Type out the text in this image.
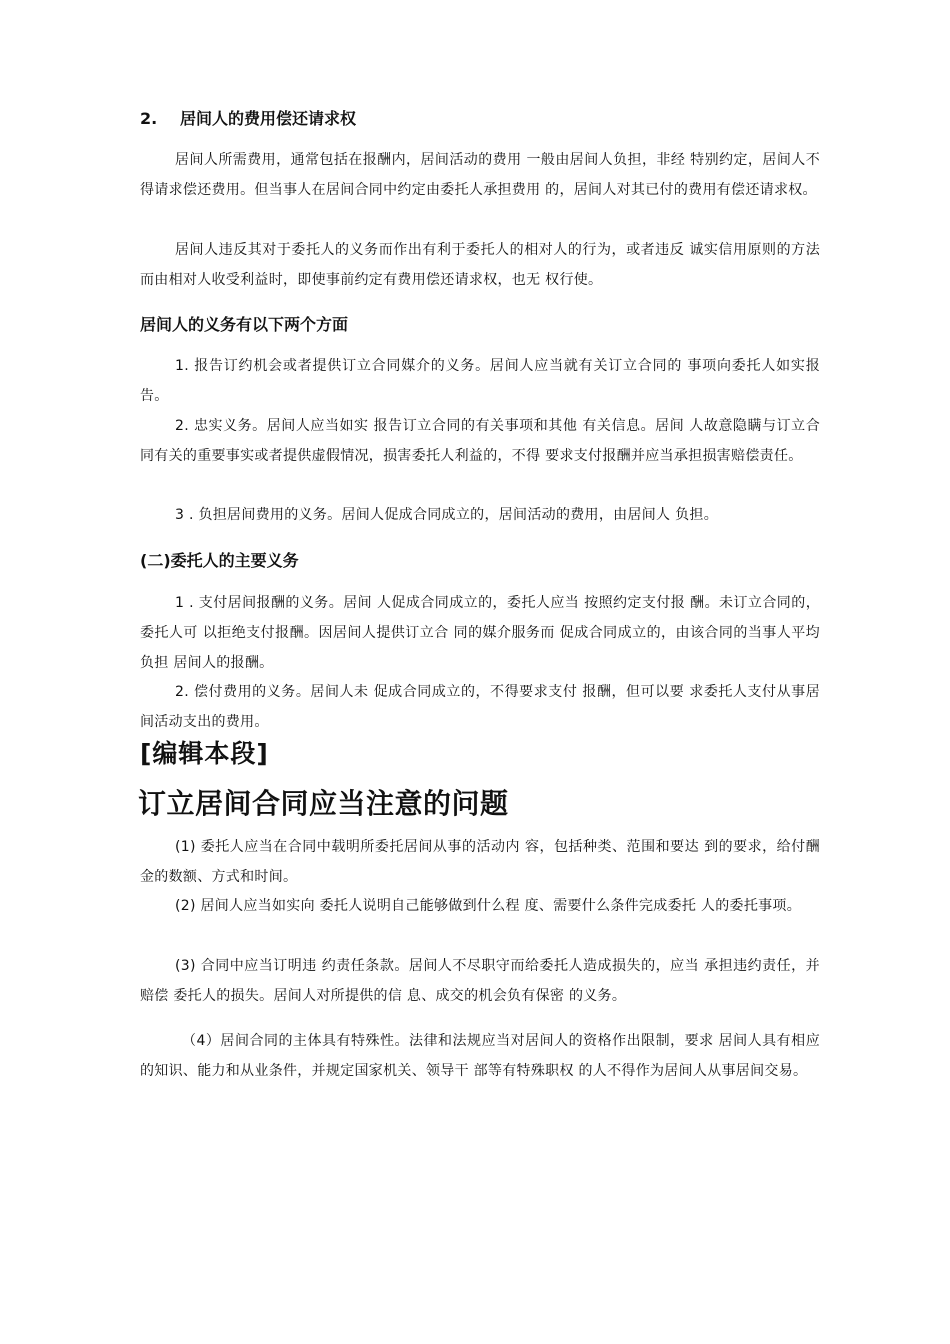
2. 居间人的费用偿还请求权
居间人所需费用，通常包括在报酬内，居间活动的费用 一般由居间人负担，非经 特别约定，居间人不得请求偿还费用。但当事人在居间合同中约定由委托人承担费用 的，居间人对其已付的费用有偿还请求权。
居间人违反其对于委托人的义务而作出有利于委托人的相对人的行为，或者违反 诚实信用原则的方法而由相对人收受利益时，即使事前约定有费用偿还请求权，也无 权行使。
居间人的义务有以下两个方面
1. 报告订约机会或者提供订立合同媒介的义务。居间人应当就有关订立合同的 事项向委托人如实报告。
2. 忠实义务。居间人应当如实 报告订立合同的有关事项和其他 有关信息。居间 人故意隐瞒与订立合同有关的重要事实或者提供虚假情况，损害委托人利益的，不得 要求支付报酬并应当承担损害赔偿责任。
3 . 负担居间费用的义务。居间人促成合同成立的，居间活动的费用，由居间人 负担。
(二)委托人的主要义务
1 . 支付居间报酬的义务。居间 人促成合同成立的，委托人应当 按照约定支付报 酬。未订立合同的，委托人可 以拒绝支付报酬。因居间人提供订立合 同的媒介服务而 促成合同成立的，由该合同的当事人平均负担 居间人的报酬。
2. 偿付费用的义务。居间人未 促成合同成立的，不得要求支付 报酬，但可以要 求委托人支付从事居间活动支出的费用。
[编辑本段]
订立居间合同应当注意的问题
(1) 委托人应当在合同中载明所委托居间从事的活动内 容，包括种类、范围和要达 到的要求，给付酬金的数额、方式和时间。
(2) 居间人应当如实向 委托人说明自己能够做到什么程 度、需要什么条件完成委托 人的委托事项。
(3) 合同中应当订明违 约责任条款。居间人不尽职守而给委托人造成损失的，应当 承担违约责任，并赔偿 委托人的损失。居间人对所提供的信 息、成交的机会负有保密 的义务。
（4）居间合同的主体具有特殊性。法律和法规应当对居间人的资格作出限制，要求 居间人具有相应的知识、能力和从业条件，并规定国家机关、领导干 部等有特殊职权 的人不得作为居间人从事居间交易。
